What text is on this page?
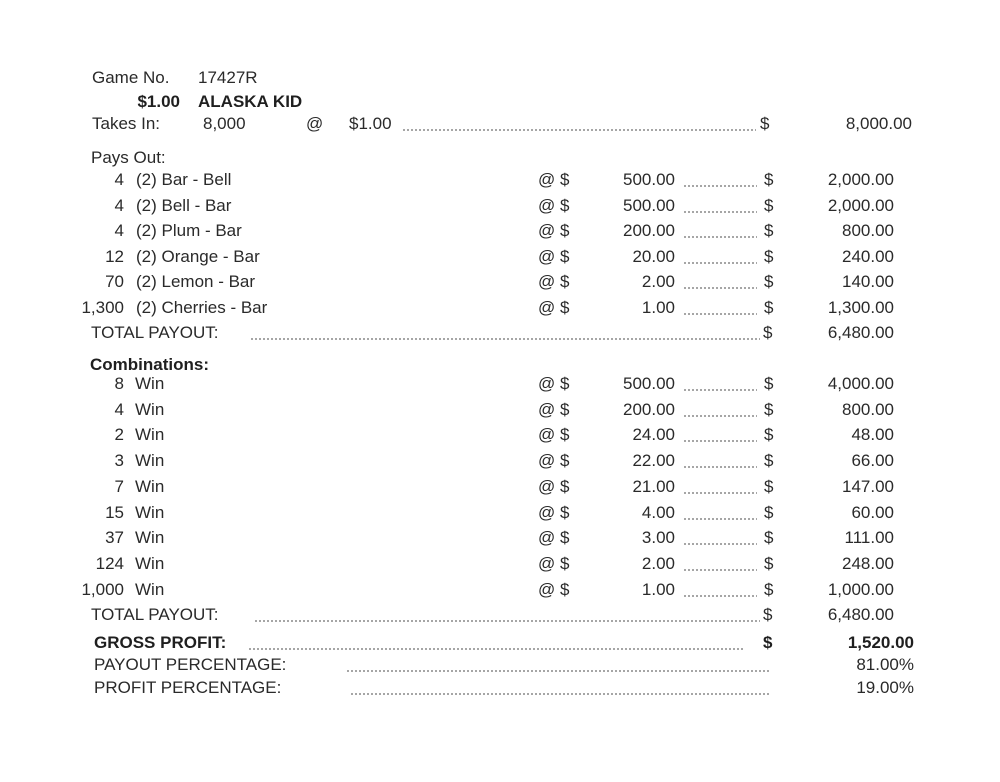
Game No. 17427R
$1.00 ALASKA KID
Takes In:	8,000	@ $1.00	$	8,000.00
Pays Out:
4 (2) Bar - Bell	@ $	500.00	$	2,000.00
4 (2) Bell - Bar	@ $	500.00	$	2,000.00
4 (2) Plum - Bar	@ $	200.00	$	800.00
12 (2) Orange - Bar	@ $	20.00	$	240.00
70 (2) Lemon - Bar	@ $	2.00	$	140.00
1,300 (2) Cherries - Bar	@ $	1.00	$	1,300.00
TOTAL PAYOUT:	$	6,480.00
Combinations:
8 Win	@ $	500.00	$	4,000.00
4 Win	@ $	200.00	$	800.00
2 Win	@ $	24.00	$	48.00
3 Win	@ $	22.00	$	66.00
7 Win	@ $	21.00	$	147.00
15 Win	@ $	4.00	$	60.00
37 Win	@ $	3.00	$	111.00
124 Win	@ $	2.00	$	248.00
1,000 Win	@ $	1.00	$	1,000.00
TOTAL PAYOUT:	$	6,480.00
GROSS PROFIT:	$	1,520.00
PAYOUT PERCENTAGE:	81.00%
PROFIT PERCENTAGE:	19.00%
